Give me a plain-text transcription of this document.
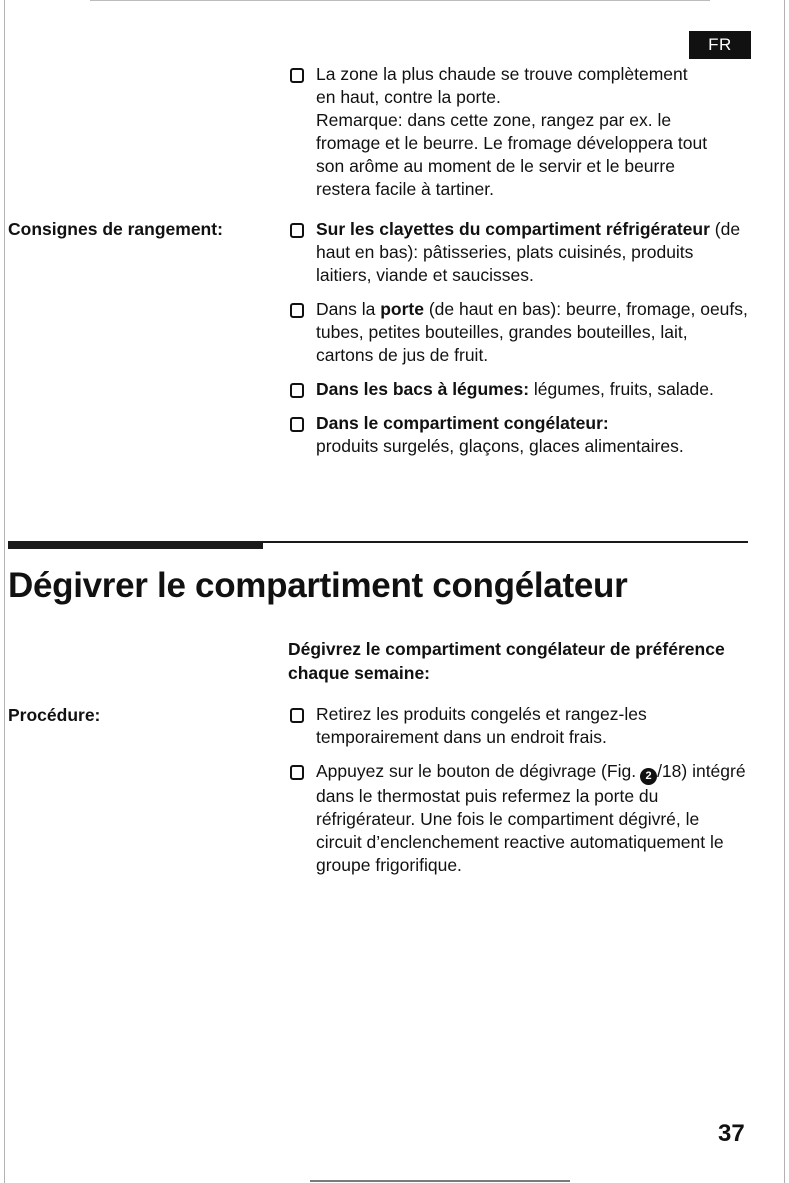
FR
La zone la plus chaude se trouve complètement
en haut, contre la porte.
Remarque: dans cette zone, rangez par ex. le
fromage et le beurre. Le fromage développera tout
son arôme au moment de le servir et le beurre
restera facile à tartiner.
Consignes de rangement:	Sur les clayettes du compartiment réfrigérateur (de haut en bas): pâtisseries, plats cuisinés, produits laitiers, viande et saucisses.
Dans la porte (de haut en bas): beurre, fromage, oeufs, tubes, petites bouteilles, grandes bouteilles, lait, cartons de jus de fruit.
Dans les bacs à légumes: légumes, fruits, salade.
Dans le compartiment congélateur:
produits surgelés, glaçons, glaces alimentaires.
Dégivrer le compartiment congélateur

Dégivrez le compartiment congélateur de préférence chaque semaine:

Procédure:	Retirez les produits congelés et rangez-les temporairement dans un endroit frais.
Appuyez sur le bouton de dégivrage (Fig. 2 /18) intégré dans le thermostat puis refermez la porte du réfrigérateur. Une fois le compartiment dégivré, le circuit d’enclenchement reactive automatiquement le groupe frigorifique.
37
